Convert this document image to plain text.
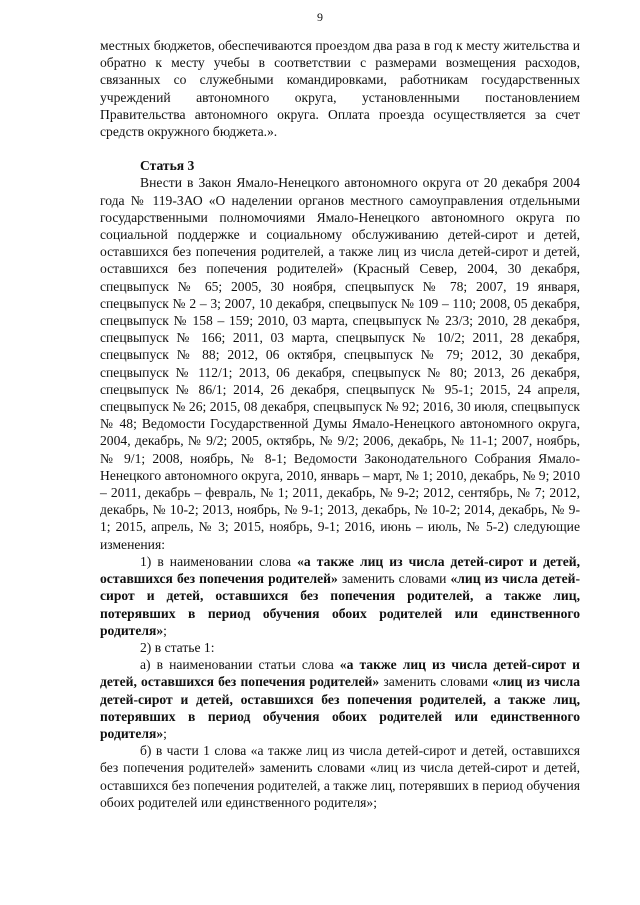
9

местных бюджетов, обеспечиваются проездом два раза в год к месту жительства и обратно к месту учебы в соответствии с размерами возмещения расходов, связанных со служебными командировками, работникам государственных учреждений автономного округа, установленными постановлением Правительства автономного округа. Оплата проезда осуществляется за счет средств окружного бюджета.».

Статья 3

Внести в Закон Ямало-Ненецкого автономного округа от 20 декабря 2004 года № 119-ЗАО «О наделении органов местного самоуправления отдельными государственными полномочиями Ямало-Ненецкого автономного округа по социальной поддержке и социальному обслуживанию детей-сирот и детей, оставшихся без попечения родителей, а также лиц из числа детей-сирот и детей, оставшихся без попечения родителей» (Красный Север, 2004, 30 декабря, спецвыпуск № 65; 2005, 30 ноября, спецвыпуск № 78; 2007, 19 января, спецвыпуск № 2 – 3; 2007, 10 декабря, спецвыпуск № 109 – 110; 2008, 05 декабря, спецвыпуск № 158 – 159; 2010, 03 марта, спецвыпуск № 23/3; 2010, 28 декабря, спецвыпуск № 166; 2011, 03 марта, спецвыпуск № 10/2; 2011, 28 декабря, спецвыпуск № 88; 2012, 06 октября, спецвыпуск № 79; 2012, 30 декабря, спецвыпуск № 112/1; 2013, 06 декабря, спецвыпуск № 80; 2013, 26 декабря, спецвыпуск № 86/1; 2014, 26 декабря, спецвыпуск № 95-1; 2015, 24 апреля, спецвыпуск № 26; 2015, 08 декабря, спецвыпуск № 92; 2016, 30 июля, спецвыпуск № 48; Ведомости Государственной Думы Ямало-Ненецкого автономного округа, 2004, декабрь, № 9/2; 2005, октябрь, № 9/2; 2006, декабрь, № 11-1; 2007, ноябрь, № 9/1; 2008, ноябрь, № 8-1; Ведомости Законодательного Собрания Ямало-Ненецкого автономного округа, 2010, январь – март, № 1; 2010, декабрь, № 9; 2010 – 2011, декабрь – февраль, № 1; 2011, декабрь, № 9-2; 2012, сентябрь, № 7; 2012, декабрь, № 10-2; 2013, ноябрь, № 9-1; 2013, декабрь, № 10-2; 2014, декабрь, № 9-1; 2015, апрель, № 3; 2015, ноябрь, 9-1; 2016, июнь – июль, № 5-2) следующие изменения:

1) в наименовании слова «а также лиц из числа детей-сирот и детей, оставшихся без попечения родителей» заменить словами «лиц из числа детей-сирот и детей, оставшихся без попечения родителей, а также лиц, потерявших в период обучения обоих родителей или единственного родителя»;

2) в статье 1:

а) в наименовании статьи слова «а также лиц из числа детей-сирот и детей, оставшихся без попечения родителей» заменить словами «лиц из числа детей-сирот и детей, оставшихся без попечения родителей, а также лиц, потерявших в период обучения обоих родителей или единственного родителя»;

б) в части 1 слова «а также лиц из числа детей-сирот и детей, оставшихся без попечения родителей» заменить словами «лиц из числа детей-сирот и детей, оставшихся без попечения родителей, а также лиц, потерявших в период обучения обоих родителей или единственного родителя»;
